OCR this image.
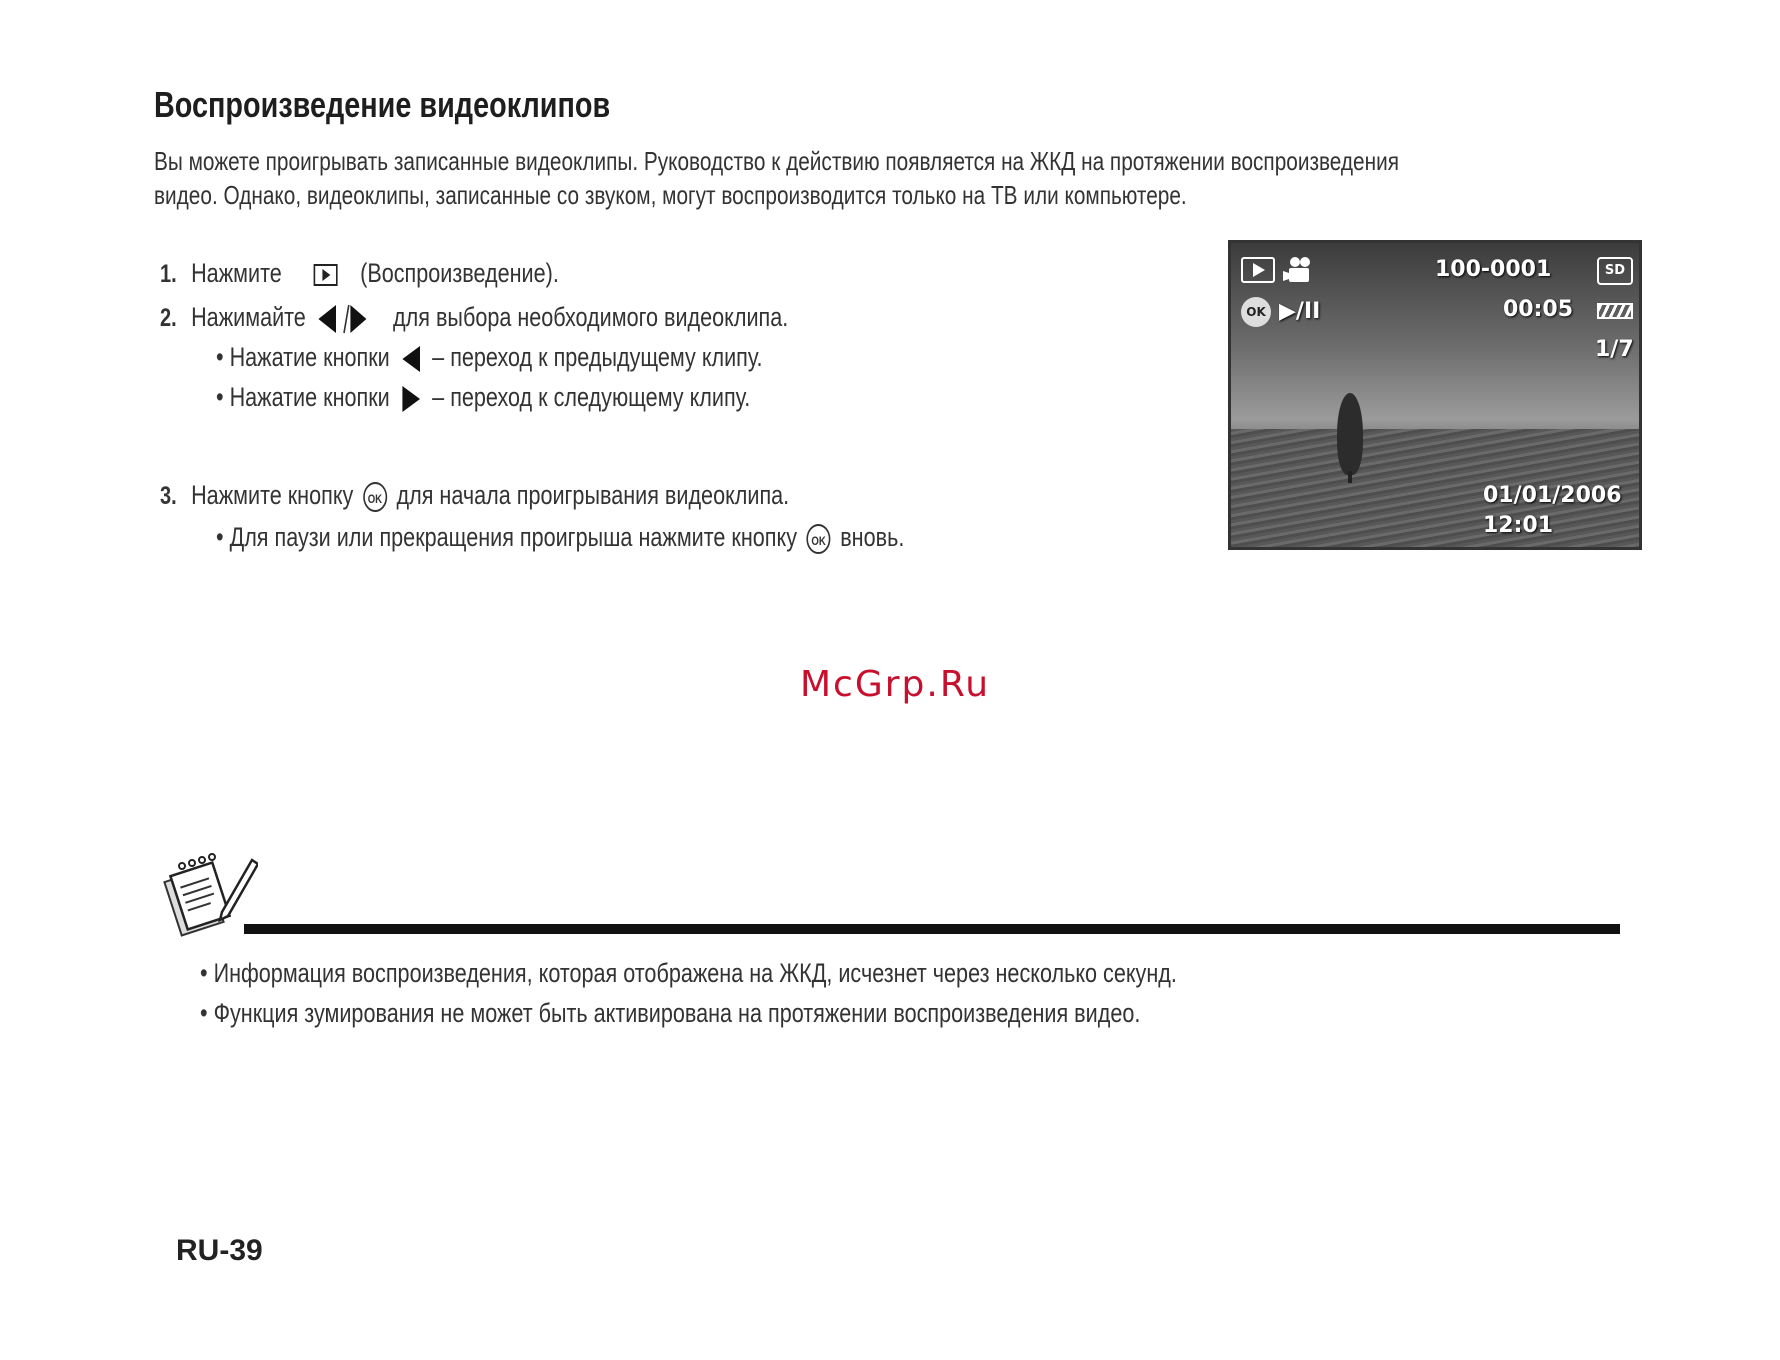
Воспроизведение видеоклипов
Вы можете проигрывать записанные видеоклипы. Руководство к действию появляется на ЖКД на протяжении воспроизведения
видео. Однако, видеоклипы, записанные со звуком, могут воспроизводится только на ТВ или компьютере.
1. Нажмите	(Воспроизведение).
2. Нажимайте	для выбора необходимого видеоклипа.
• Нажатие кнопки – переход к предыдущему клипу.
• Нажатие кнопки – переход к следующему клипу.
3. Нажмите кнопку OK для начала проигрывания видеоклипа.
• Для паузи или прекращения проигрыша нажмите кнопку OK вновь.
100-0001	SD
OK ▶/II	00:05
1/7
01/01/2006
12:01
McGrp.Ru
• Информация воспроизведения, которая отображена на ЖКД, исчезнет через несколько секунд.
• Функция зумирования не может быть активирована на протяжении воспроизведения видео.
RU-39
